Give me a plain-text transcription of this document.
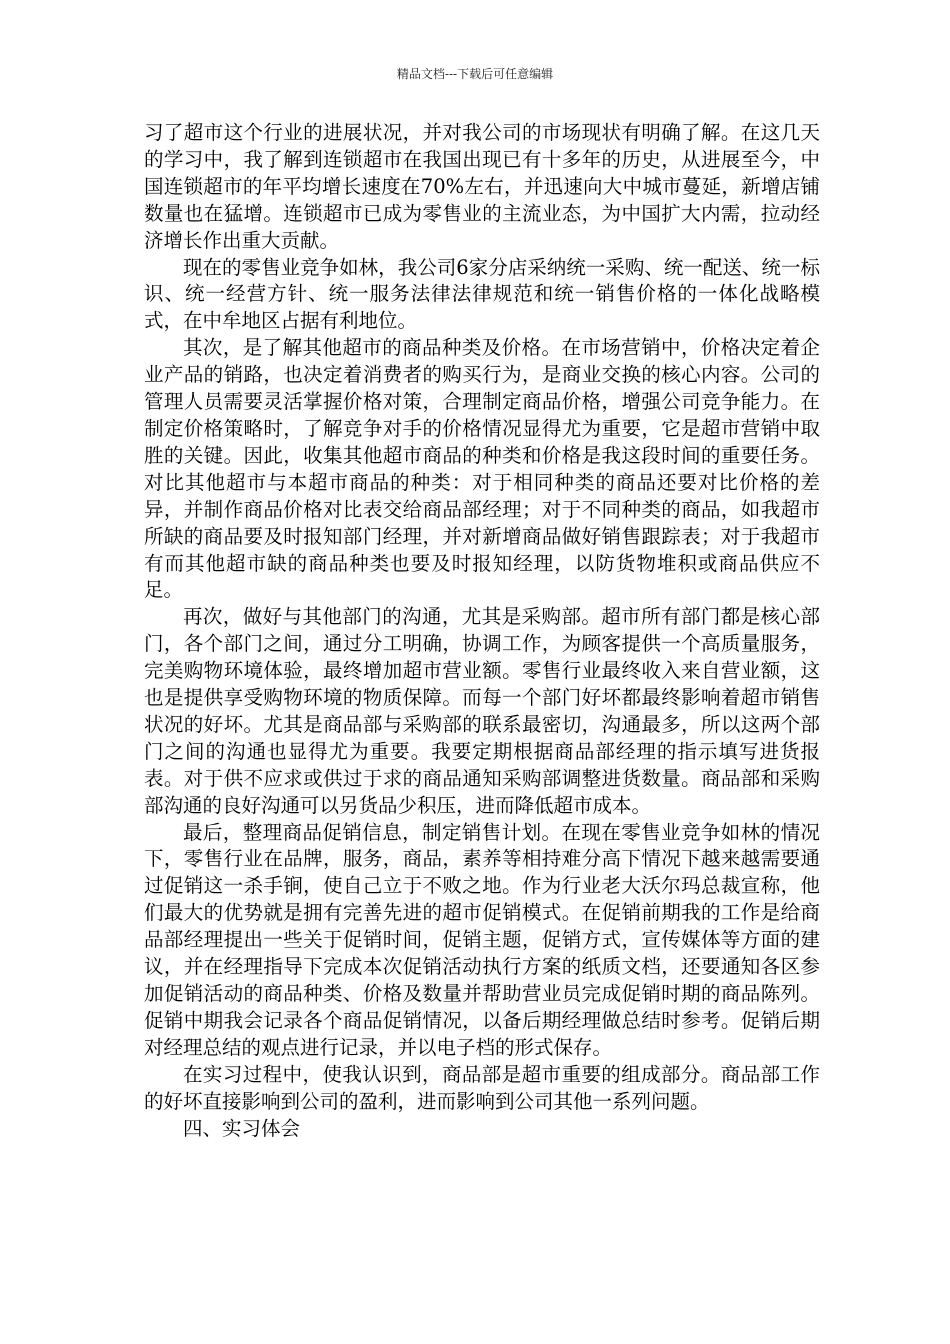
精品文档---下载后可任意编辑

习了超市这个行业的进展状况，并对我公司的市场现状有明确了解。在这几天的学习中，我了解到连锁超市在我国出现已有十多年的历史，从进展至今，中国连锁超市的年平均增长速度在70%左右，并迅速向大中城市蔓延，新增店铺数量也在猛增。连锁超市已成为零售业的主流业态，为中国扩大内需，拉动经济增长作出重大贡献。

现在的零售业竞争如林，我公司6家分店采纳统一采购、统一配送、统一标识、统一经营方针、统一服务法律法律规范和统一销售价格的一体化战略模式，在中牟地区占据有利地位。

其次，是了解其他超市的商品种类及价格。在市场营销中，价格决定着企业产品的销路，也决定着消费者的购买行为，是商业交换的核心内容。公司的管理人员需要灵活掌握价格对策，合理制定商品价格，增强公司竞争能力。在制定价格策略时，了解竞争对手的价格情况显得尤为重要，它是超市营销中取胜的关键。因此，收集其他超市商品的种类和价格是我这段时间的重要任务。对比其他超市与本超市商品的种类：对于相同种类的商品还要对比价格的差异，并制作商品价格对比表交给商品部经理；对于不同种类的商品，如我超市所缺的商品要及时报知部门经理，并对新增商品做好销售跟踪表；对于我超市有而其他超市缺的商品种类也要及时报知经理，以防货物堆积或商品供应不足。

再次，做好与其他部门的沟通，尤其是采购部。超市所有部门都是核心部门，各个部门之间，通过分工明确，协调工作，为顾客提供一个高质量服务，完美购物环境体验，最终增加超市营业额。零售行业最终收入来自营业额，这也是提供享受购物环境的物质保障。而每一个部门好坏都最终影响着超市销售状况的好坏。尤其是商品部与采购部的联系最密切，沟通最多，所以这两个部门之间的沟通也显得尤为重要。我要定期根据商品部经理的指示填写进货报表。对于供不应求或供过于求的商品通知采购部调整进货数量。商品部和采购部沟通的良好沟通可以另货品少积压，进而降低超市成本。

最后，整理商品促销信息，制定销售计划。在现在零售业竞争如林的情况下，零售行业在品牌，服务，商品，素养等相持难分高下情况下越来越需要通过促销这一杀手锏，使自己立于不败之地。作为行业老大沃尔玛总裁宣称，他们最大的优势就是拥有完善先进的超市促销模式。在促销前期我的工作是给商品部经理提出一些关于促销时间，促销主题，促销方式，宣传媒体等方面的建议，并在经理指导下完成本次促销活动执行方案的纸质文档，还要通知各区参加促销活动的商品种类、价格及数量并帮助营业员完成促销时期的商品陈列。促销中期我会记录各个商品促销情况，以备后期经理做总结时参考。促销后期对经理总结的观点进行记录，并以电子档的形式保存。

在实习过程中，使我认识到，商品部是超市重要的组成部分。商品部工作的好坏直接影响到公司的盈利，进而影响到公司其他一系列问题。

四、实习体会
